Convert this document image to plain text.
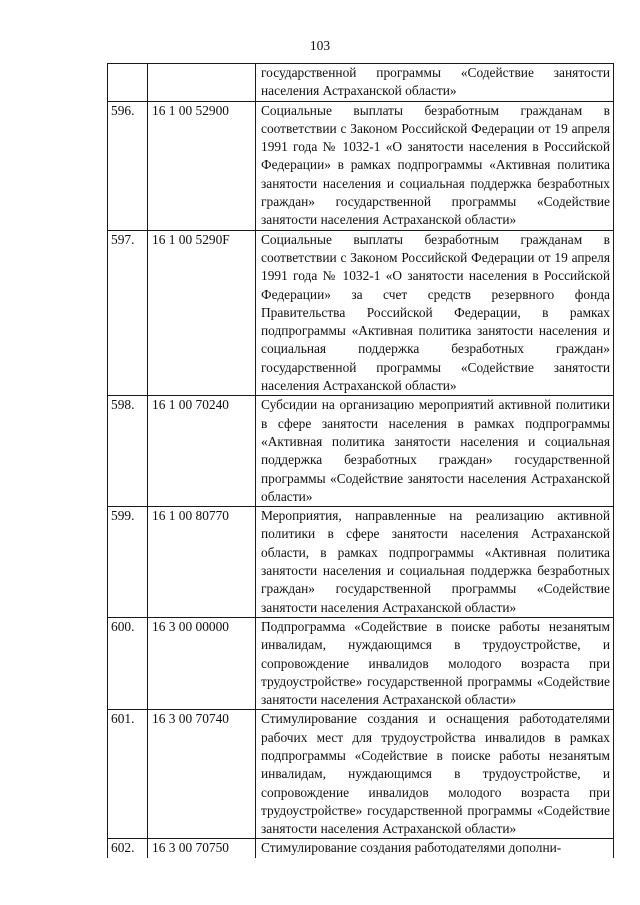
103
		государственной программы «Содействие занятости населения Астраханской области»
596.	16 1 00 52900	Социальные выплаты безработным гражданам в соответствии с Законом Российской Федерации от 19 апреля 1991 года № 1032-1 «О занятости населения в Российской Федерации» в рамках подпрограммы «Активная политика занятости населения и социальная поддержка безработных граждан» государственной программы «Содействие занятости населения Астраханской области»
597.	16 1 00 5290F	Социальные выплаты безработным гражданам в соответствии с Законом Российской Федерации от 19 апреля 1991 года № 1032-1 «О занятости населения в Российской Федерации» за счет средств резервного фонда Правительства Российской Федерации, в рамках подпрограммы «Активная политика занятости населения и социальная поддержка безработных граждан» государственной программы «Содействие занятости населения Астраханской области»
598.	16 1 00 70240	Субсидии на организацию мероприятий активной политики в сфере занятости населения в рамках подпрограммы «Активная политика занятости населения и социальная поддержка безработных граждан» государственной программы «Содействие занятости населения Астраханской области»
599.	16 1 00 80770	Мероприятия, направленные на реализацию активной политики в сфере занятости населения Астраханской области, в рамках подпрограммы «Активная политика занятости населения и социальная поддержка безработных граждан» государственной программы «Содействие занятости населения Астраханской области»
600.	16 3 00 00000	Подпрограмма «Содействие в поиске работы незанятым инвалидам, нуждающимся в трудоустройстве, и сопровождение инвалидов молодого возраста при трудоустройстве» государственной программы «Содействие занятости населения Астраханской области»
601.	16 3 00 70740	Стимулирование создания и оснащения работодателями рабочих мест для трудоустройства инвалидов в рамках подпрограммы «Содействие в поиске работы незанятым инвалидам, нуждающимся в трудоустройстве, и сопровождение инвалидов молодого возраста при трудоустройстве» государственной программы «Содействие занятости населения Астраханской области»
602.	16 3 00 70750	Стимулирование создания работодателями дополни-
